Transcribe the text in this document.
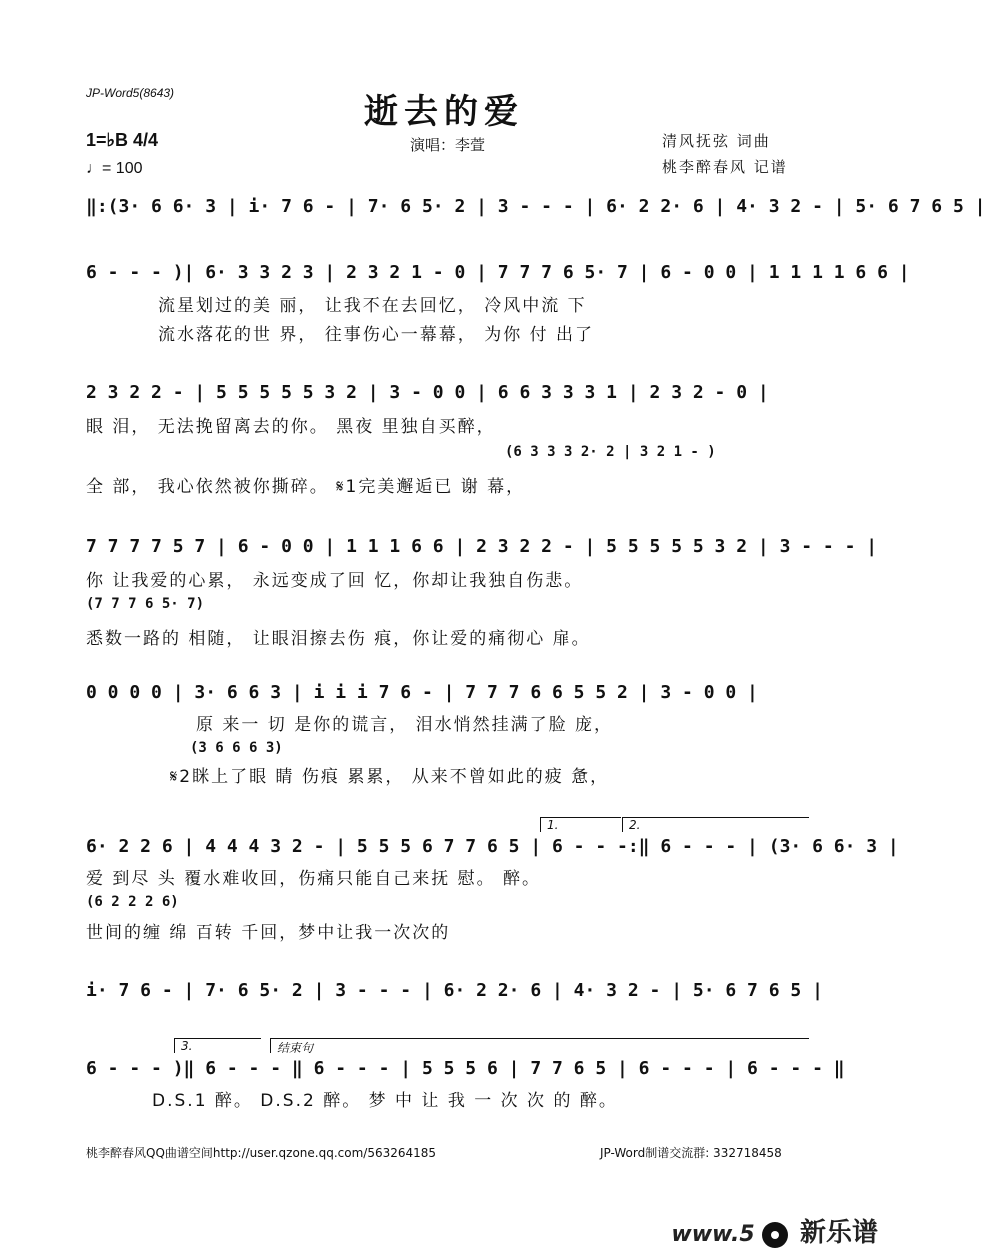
JP-Word5(8643)	逝去的爱
1=♭B 4/4
♩= 100
演唱：李萱	清风抚弦 词曲
桃李醉春风 记谱
‖:(3· 6 6· 3 | i· 7 6 - | 7· 6 5· 2 | 3 - - - | 6· 2 2· 6 | 4· 3 2 - | 5· 6 7 6 5 |
6 - - - )| 6· 3 3 2 3 | 2 3 2 1 - 0 | 7 7 7 6 5· 7 | 6 - 0 0 | 1 1 1 1 6 6 |
流星划过的美 丽， 让我不在去回忆， 冷风中流 下
流水落花的世 界， 往事伤心一幕幕， 为你 付 出了
2 3 2 2 - | 5 5 5 5 5 3 2 | 3 - 0 0 | 6 6 3 3 3 1 | 2 3 2 - 0 |
眼 泪， 无法挽留离去的你。 黑夜 里独自买醉，
(6 3 3 3 2· 2 | 3 2 1 - )
全 部， 我心依然被你撕碎。 𝄋1完美邂逅已 谢 幕，
7 7 7 7 5 7 | 6 - 0 0 | 1 1 1 6 6 | 2 3 2 2 - | 5 5 5 5 5 3 2 | 3 - - - |
你 让我爱的心累， 永远变成了回 忆，你却让我独自伤悲。
(7 7 7 6 5· 7)
悉数一路的 相随， 让眼泪擦去伤 痕，你让爱的痛彻心 扉。
0 0 0 0 | 3· 6 6 3 | i i i 7 6 - | 7 7 7 6 6 5 5 2 | 3 - 0 0 |
原 来一 切 是你的谎言， 泪水悄然挂满了脸 庞，
(3 6 6 6 3)
𝄋2眯上了眼 睛 伤痕 累累， 从来不曾如此的疲 惫，
1.	2.
6· 2 2 6 | 4 4 4 3 2 - | 5 5 5 6 7 7 6 5 | 6 - - -:‖ 6 - - - | (3· 6 6· 3 |
爱 到尽 头 覆水难收回，伤痛只能自己来抚 慰。 醉。
(6 2 2 2 6)
世间的缠 绵 百转 千回，梦中让我一次次的
i· 7 6 - | 7· 6 5· 2 | 3 - - - | 6· 2 2· 6 | 4· 3 2 - | 5· 6 7 6 5 |
3.	结束句
6 - - - )‖ 6 - - - ‖ 6 - - - | 5 5 5 6 | 7 7 6 5 | 6 - - - | 6 - - - ‖
D.S.1 醉。 D.S.2 醉。 梦 中 让 我 一 次 次 的 醉。
桃李醉春风QQ曲谱空间http://user.qzone.qq.com/563264185	JP-Word制谱交流群: 332718458
www.5 新乐谱
